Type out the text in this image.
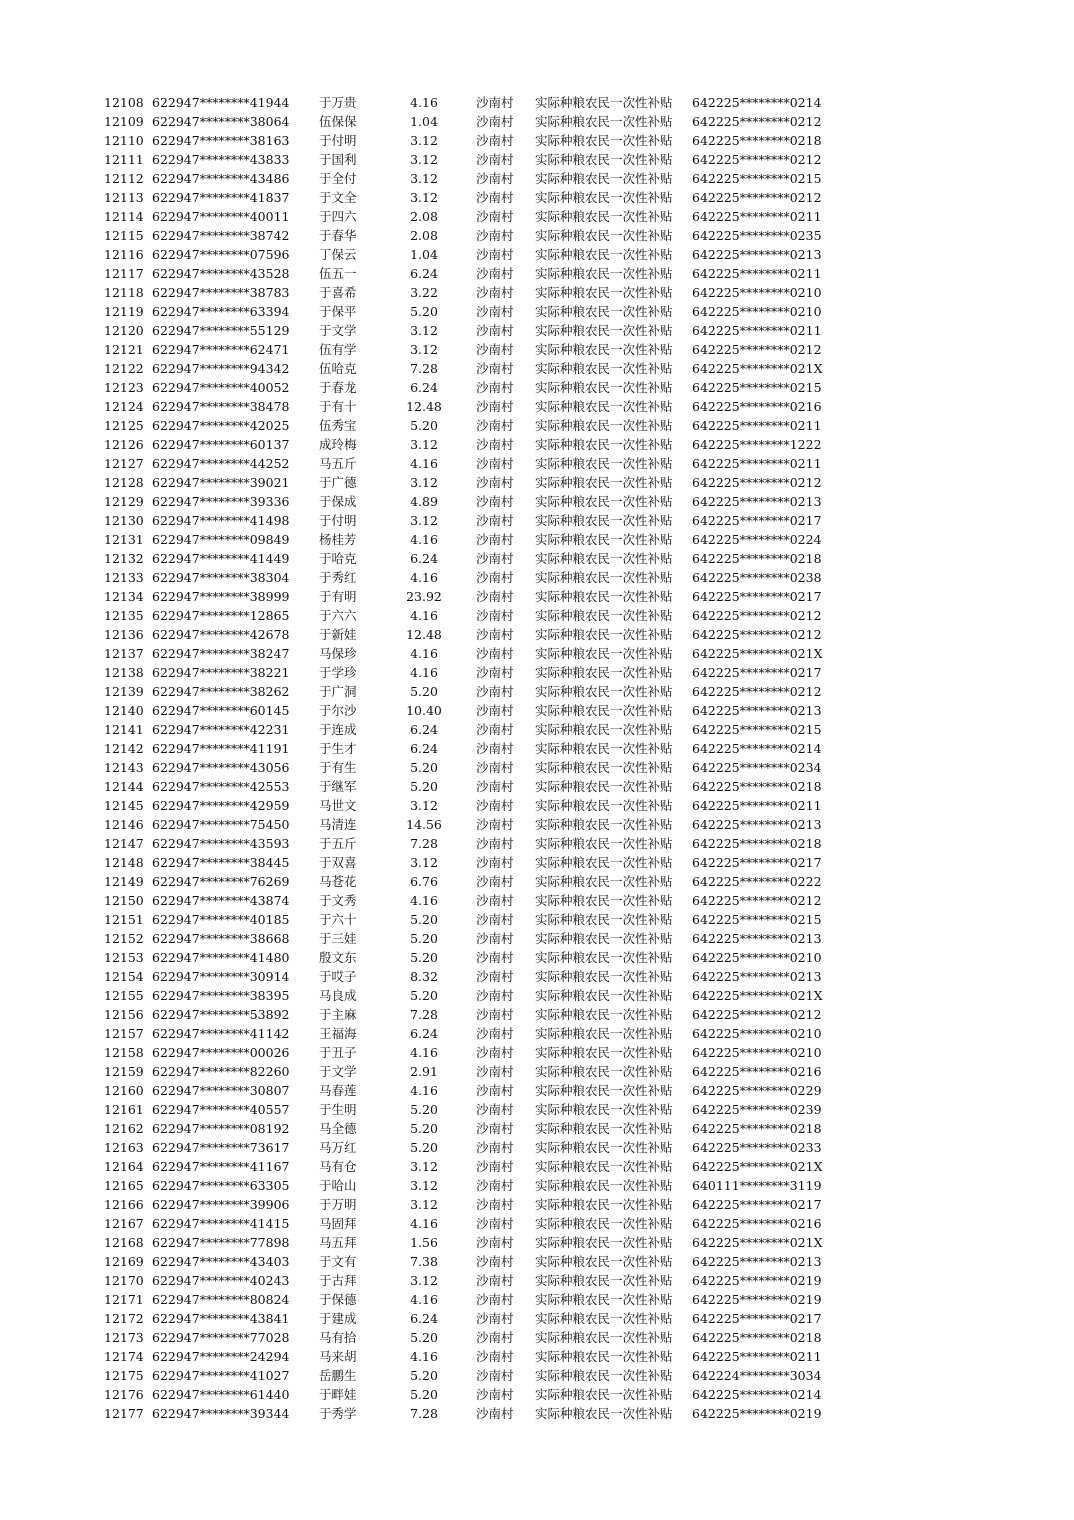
12108 622947********41944 于万贵	4.16	沙南村 实际种粮农民一次性补贴 642225********0214
12109 622947********38064 伍保保	1.04	沙南村 实际种粮农民一次性补贴 642225********0212
12110 622947********38163 于付明	3.12	沙南村 实际种粮农民一次性补贴 642225********0218
12111 622947********43833 于国利	3.12	沙南村 实际种粮农民一次性补贴 642225********0212
12112 622947********43486 于全付	3.12	沙南村 实际种粮农民一次性补贴 642225********0215
12113 622947********41837 于文全	3.12	沙南村 实际种粮农民一次性补贴 642225********0212
12114 622947********40011 于四六	2.08	沙南村 实际种粮农民一次性补贴 642225********0211
12115 622947********38742 于春华	2.08	沙南村 实际种粮农民一次性补贴 642225********0235
12116 622947********07596 丁保云	1.04	沙南村 实际种粮农民一次性补贴 642225********0213
12117 622947********43528 伍五一	6.24	沙南村 实际种粮农民一次性补贴 642225********0211
12118 622947********38783 于喜希	3.22	沙南村 实际种粮农民一次性补贴 642225********0210
12119 622947********63394 于保平	5.20	沙南村 实际种粮农民一次性补贴 642225********0210
12120 622947********55129 于文学	3.12	沙南村 实际种粮农民一次性补贴 642225********0211
12121 622947********62471 伍有学	3.12	沙南村 实际种粮农民一次性补贴 642225********0212
12122 622947********94342 伍哈克	7.28	沙南村 实际种粮农民一次性补贴 642225********021X
12123 622947********40052 于春龙	6.24	沙南村 实际种粮农民一次性补贴 642225********0215
12124 622947********38478 于有十	12.48	沙南村 实际种粮农民一次性补贴 642225********0216
12125 622947********42025 伍秀宝	5.20	沙南村 实际种粮农民一次性补贴 642225********0211
12126 622947********60137 成玲梅	3.12	沙南村 实际种粮农民一次性补贴 642225********1222
12127 622947********44252 马五斤	4.16	沙南村 实际种粮农民一次性补贴 642225********0211
12128 622947********39021 于广德	3.12	沙南村 实际种粮农民一次性补贴 642225********0212
12129 622947********39336 于保成	4.89	沙南村 实际种粮农民一次性补贴 642225********0213
12130 622947********41498 于付明	3.12	沙南村 实际种粮农民一次性补贴 642225********0217
12131 622947********09849 杨桂芳	4.16	沙南村 实际种粮农民一次性补贴 642225********0224
12132 622947********41449 于哈克	6.24	沙南村 实际种粮农民一次性补贴 642225********0218
12133 622947********38304 于秀红	4.16	沙南村 实际种粮农民一次性补贴 642225********0238
12134 622947********38999 于有明	23.92	沙南村 实际种粮农民一次性补贴 642225********0217
12135 622947********12865 于六六	4.16	沙南村 实际种粮农民一次性补贴 642225********0212
12136 622947********42678 于新娃	12.48	沙南村 实际种粮农民一次性补贴 642225********0212
12137 622947********38247 马保珍	4.16	沙南村 实际种粮农民一次性补贴 642225********021X
12138 622947********38221 于学珍	4.16	沙南村 实际种粮农民一次性补贴 642225********0217
12139 622947********38262 于广洞	5.20	沙南村 实际种粮农民一次性补贴 642225********0212
12140 622947********60145 于尔沙	10.40	沙南村 实际种粮农民一次性补贴 642225********0213
12141 622947********42231 于连成	6.24	沙南村 实际种粮农民一次性补贴 642225********0215
12142 622947********41191 于生才	6.24	沙南村 实际种粮农民一次性补贴 642225********0214
12143 622947********43056 于有生	5.20	沙南村 实际种粮农民一次性补贴 642225********0234
12144 622947********42553 于继军	5.20	沙南村 实际种粮农民一次性补贴 642225********0218
12145 622947********42959 马世文	3.12	沙南村 实际种粮农民一次性补贴 642225********0211
12146 622947********75450 马清连	14.56	沙南村 实际种粮农民一次性补贴 642225********0213
12147 622947********43593 于五斤	7.28	沙南村 实际种粮农民一次性补贴 642225********0218
12148 622947********38445 于双喜	3.12	沙南村 实际种粮农民一次性补贴 642225********0217
12149 622947********76269 马苍花	6.76	沙南村 实际种粮农民一次性补贴 642225********0222
12150 622947********43874 于文秀	4.16	沙南村 实际种粮农民一次性补贴 642225********0212
12151 622947********40185 于六十	5.20	沙南村 实际种粮农民一次性补贴 642225********0215
12152 622947********38668 于三娃	5.20	沙南村 实际种粮农民一次性补贴 642225********0213
12153 622947********41480 殷文东	5.20	沙南村 实际种粮农民一次性补贴 642225********0210
12154 622947********30914 于哎子	8.32	沙南村 实际种粮农民一次性补贴 642225********0213
12155 622947********38395 马良成	5.20	沙南村 实际种粮农民一次性补贴 642225********021X
12156 622947********53892 于主麻	7.28	沙南村 实际种粮农民一次性补贴 642225********0212
12157 622947********41142 王福海	6.24	沙南村 实际种粮农民一次性补贴 642225********0210
12158 622947********00026 于丑子	4.16	沙南村 实际种粮农民一次性补贴 642225********0210
12159 622947********82260 于文学	2.91	沙南村 实际种粮农民一次性补贴 642225********0216
12160 622947********30807 马春莲	4.16	沙南村 实际种粮农民一次性补贴 642225********0229
12161 622947********40557 于生明	5.20	沙南村 实际种粮农民一次性补贴 642225********0239
12162 622947********08192 马全德	5.20	沙南村 实际种粮农民一次性补贴 642225********0218
12163 622947********73617 马万红	5.20	沙南村 实际种粮农民一次性补贴 642225********0233
12164 622947********41167 马有仓	3.12	沙南村 实际种粮农民一次性补贴 642225********021X
12165 622947********63305 于哈山	3.12	沙南村 实际种粮农民一次性补贴 640111********3119
12166 622947********39906 于万明	3.12	沙南村 实际种粮农民一次性补贴 642225********0217
12167 622947********41415 马固拜	4.16	沙南村 实际种粮农民一次性补贴 642225********0216
12168 622947********77898 马五拜	1.56	沙南村 实际种粮农民一次性补贴 642225********021X
12169 622947********43403 于文有	7.38	沙南村 实际种粮农民一次性补贴 642225********0213
12170 622947********40243 于古拜	3.12	沙南村 实际种粮农民一次性补贴 642225********0219
12171 622947********80824 于保德	4.16	沙南村 实际种粮农民一次性补贴 642225********0219
12172 622947********43841 于建成	6.24	沙南村 实际种粮农民一次性补贴 642225********0217
12173 622947********77028 马有拾	5.20	沙南村 实际种粮农民一次性补贴 642225********0218
12174 622947********24294 马来胡	4.16	沙南村 实际种粮农民一次性补贴 642225********0211
12175 622947********41027 岳鹏生	5.20	沙南村 实际种粮农民一次性补贴 642224********3034
12176 622947********61440 于畔娃	5.20	沙南村 实际种粮农民一次性补贴 642225********0214
12177 622947********39344 于秀学	7.28	沙南村 实际种粮农民一次性补贴 642225********0219
